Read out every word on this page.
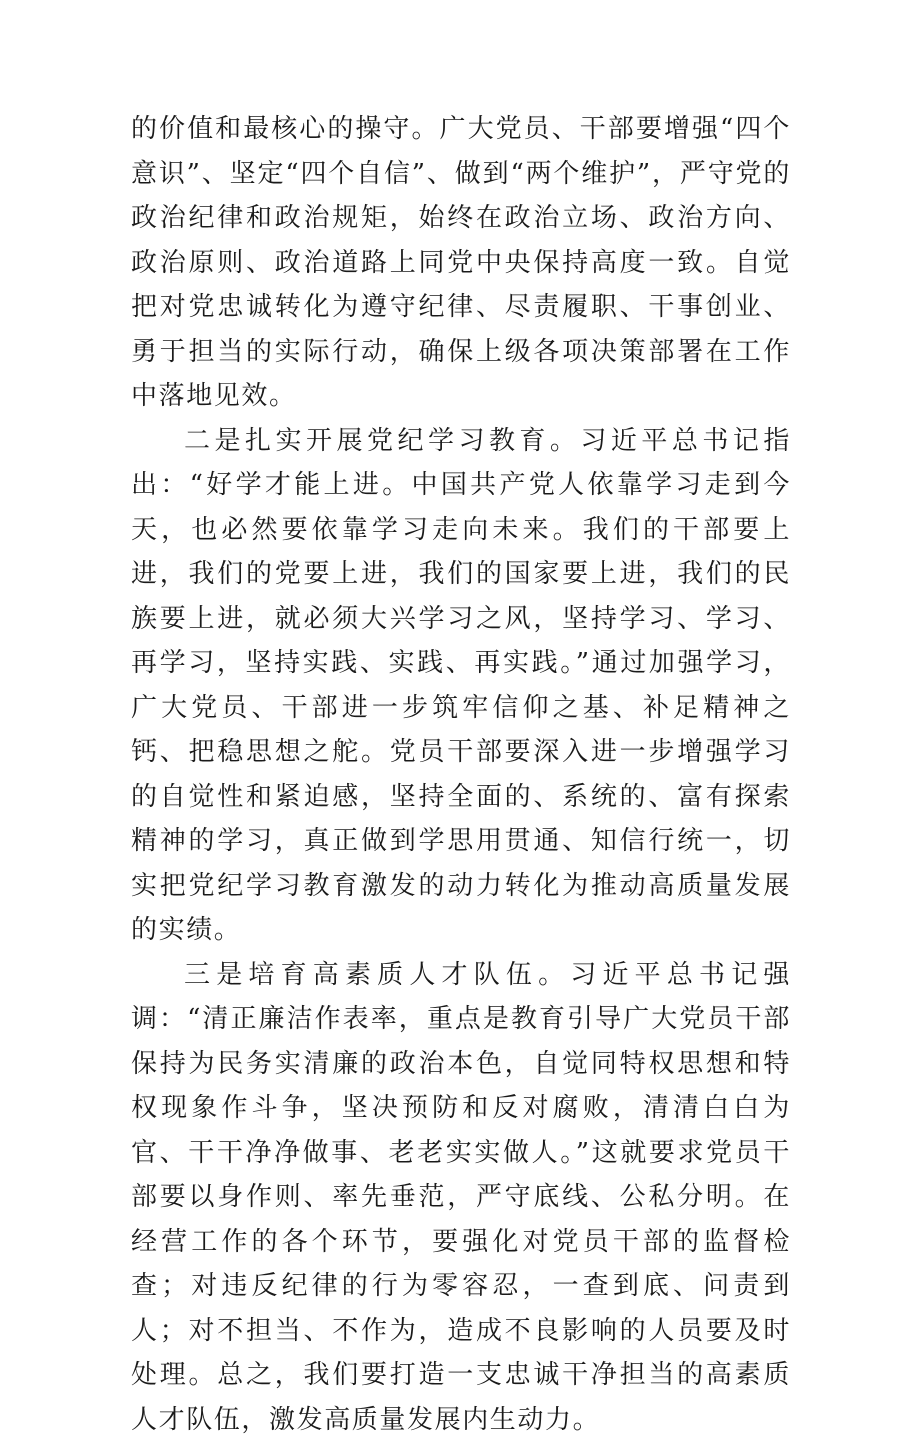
的价值和最核心的操守。广大党员、干部要增强“四个意识”、坚定“四个自信”、做到“两个维护”，严守党的政治纪律和政治规矩，始终在政治立场、政治方向、政治原则、政治道路上同党中央保持高度一致。自觉把对党忠诚转化为遵守纪律、尽责履职、干事创业、勇于担当的实际行动，确保上级各项决策部署在工作中落地见效。

二是扎实开展党纪学习教育。习近平总书记指出：“好学才能上进。中国共产党人依靠学习走到今天，也必然要依靠学习走向未来。我们的干部要上进，我们的党要上进，我们的国家要上进，我们的民族要上进，就必须大兴学习之风，坚持学习、学习、再学习，坚持实践、实践、再实践。”通过加强学习，广大党员、干部进一步筑牢信仰之基、补足精神之钙、把稳思想之舵。党员干部要深入进一步增强学习的自觉性和紧迫感，坚持全面的、系统的、富有探索精神的学习，真正做到学思用贯通、知信行统一，切实把党纪学习教育激发的动力转化为推动高质量发展的实绩。

三是培育高素质人才队伍。习近平总书记强调：“清正廉洁作表率，重点是教育引导广大党员干部保持为民务实清廉的政治本色，自觉同特权思想和特权现象作斗争，坚决预防和反对腐败，清清白白为官、干干净净做事、老老实实做人。”这就要求党员干部要以身作则、率先垂范，严守底线、公私分明。在经营工作的各个环节，要强化对党员干部的监督检查；对违反纪律的行为零容忍，一查到底、问责到人；对不担当、不作为，造成不良影响的人员要及时处理。总之，我们要打造一支忠诚干净担当的高素质人才队伍，激发高质量发展内生动力。
